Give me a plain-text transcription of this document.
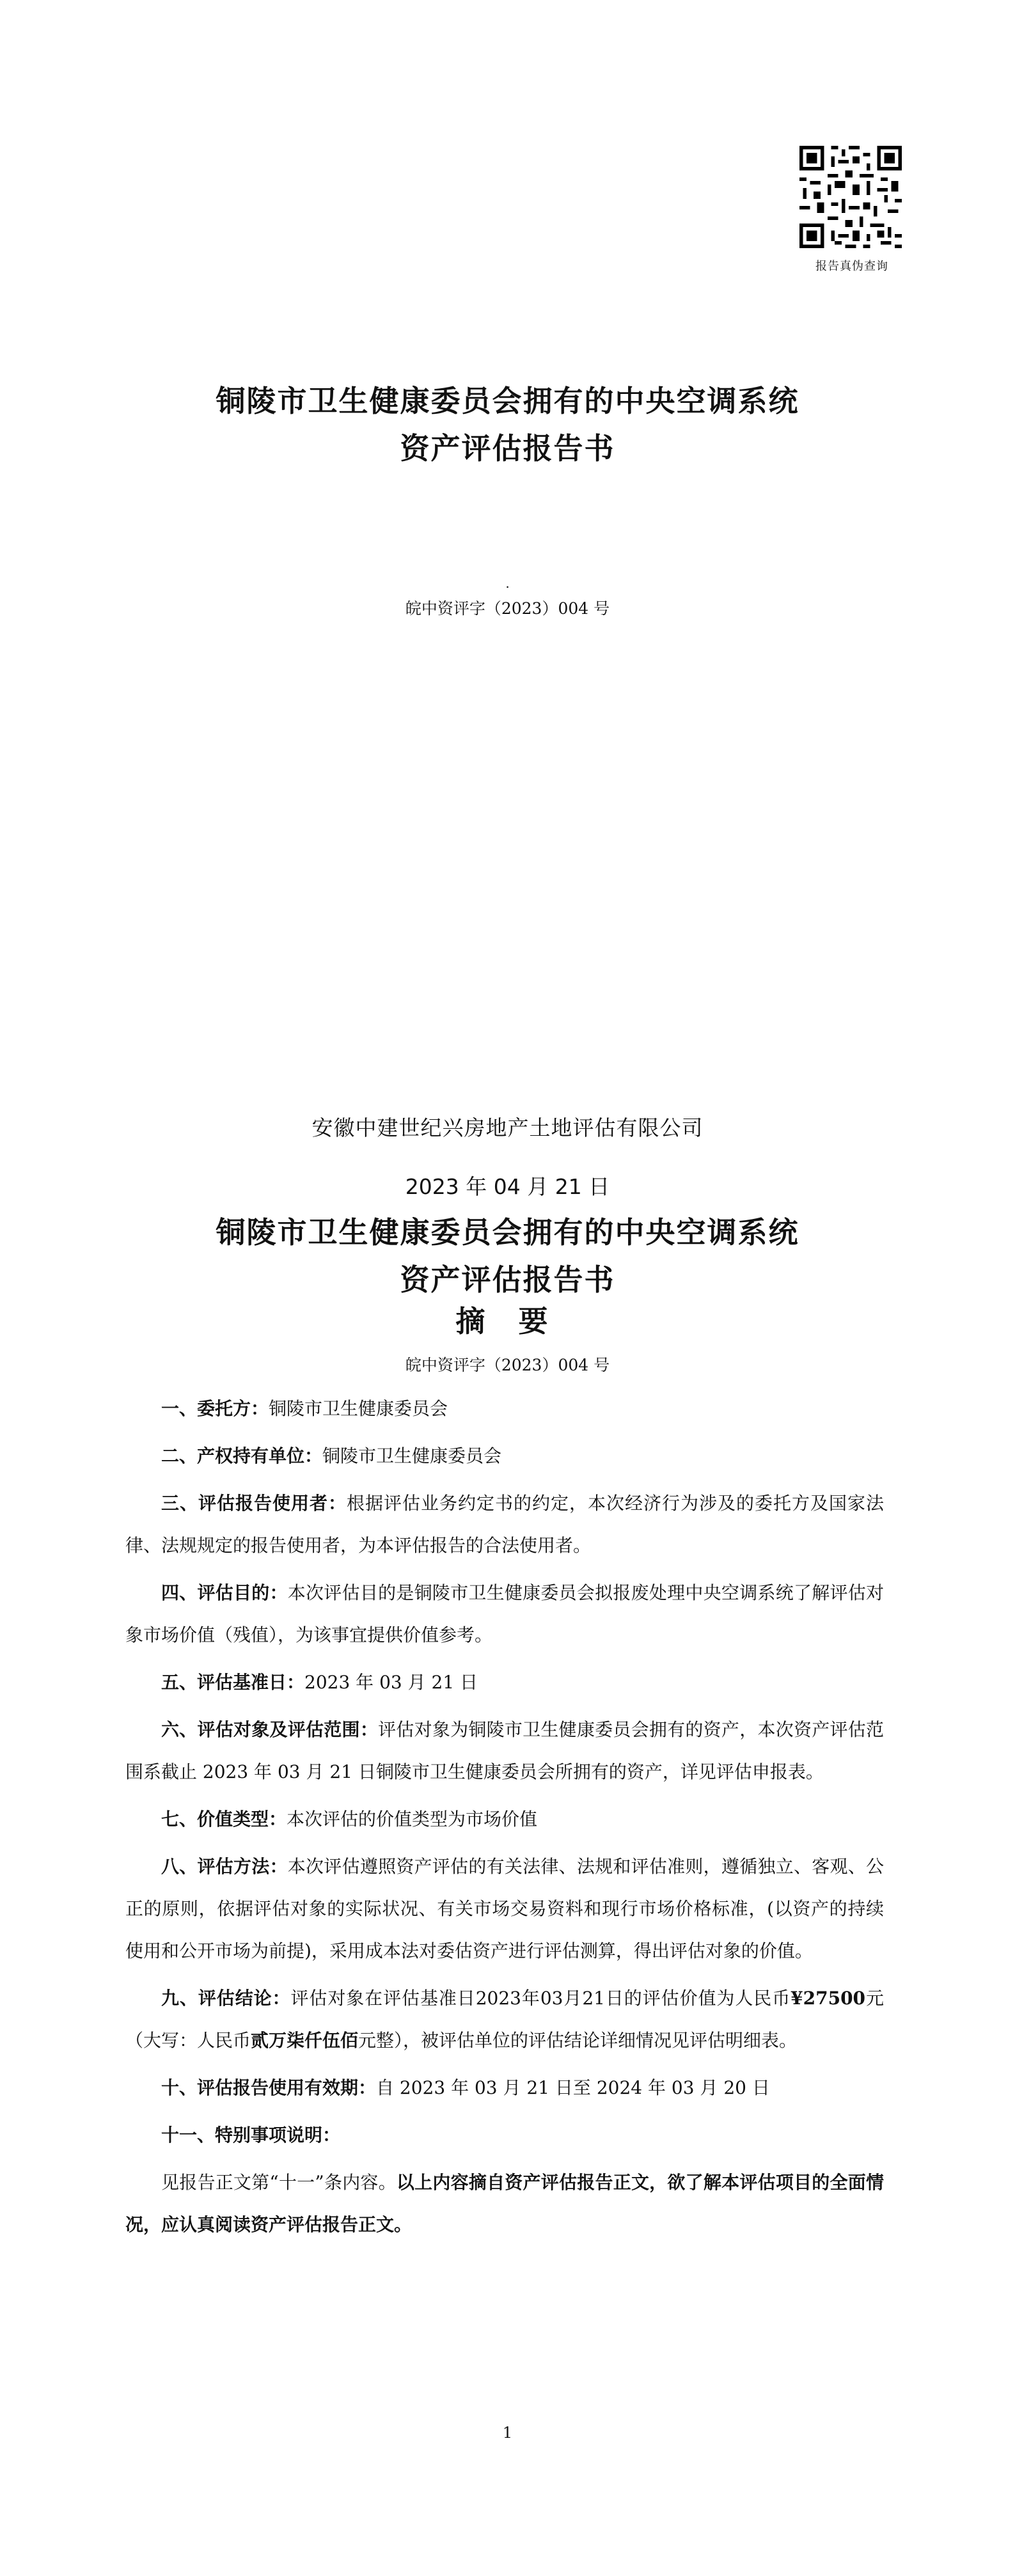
报告真伪查询
铜陵市卫生健康委员会拥有的中央空调系统
资产评估报告书
.
皖中资评字（2023）004 号
安徽中建世纪兴房地产土地评估有限公司
2023 年 04 月 21 日
铜陵市卫生健康委员会拥有的中央空调系统
资产评估报告书
摘 要
皖中资评字（2023）004 号

一、委托方：铜陵市卫生健康委员会

二、产权持有单位：铜陵市卫生健康委员会

三、评估报告使用者：根据评估业务约定书的约定，本次经济行为涉及的委托方及国家法律、法规规定的报告使用者，为本评估报告的合法使用者。

四、评估目的：本次评估目的是铜陵市卫生健康委员会拟报废处理中央空调系统了解评估对象市场价值（残值），为该事宜提供价值参考。

五、评估基准日：2023 年 03 月 21 日

六、评估对象及评估范围：评估对象为铜陵市卫生健康委员会拥有的资产，本次资产评估范围系截止 2023 年 03 月 21 日铜陵市卫生健康委员会所拥有的资产，详见评估申报表。

七、价值类型：本次评估的价值类型为市场价值

八、评估方法：本次评估遵照资产评估的有关法律、法规和评估准则，遵循独立、客观、公正的原则，依据评估对象的实际状况、有关市场交易资料和现行市场价格标准，(以资产的持续使用和公开市场为前提)，采用成本法对委估资产进行评估测算，得出评估对象的价值。

九、评估结论：评估对象在评估基准日2023年03月21日的评估价值为人民币¥27500元（大写：人民币贰万柒仟伍佰元整），被评估单位的评估结论详细情况见评估明细表。

十、评估报告使用有效期：自 2023 年 03 月 21 日至 2024 年 03 月 20 日

十一、特别事项说明：

见报告正文第“十一”条内容。以上内容摘自资产评估报告正文，欲了解本评估项目的全面情况，应认真阅读资产评估报告正文。

1
